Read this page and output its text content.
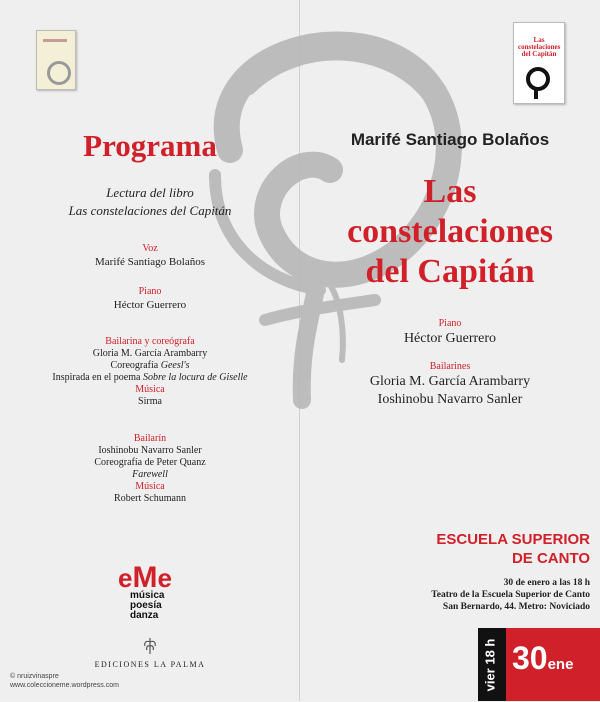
Las constelaciones del Capitán
Programa
Lectura del libro
Las constelaciones del Capitán
Voz
Marifé Santiago Bolaños
Piano
Héctor Guerrero
Bailarina y coreógrafa
Gloria M. García Arambarry
Coreografía Geesl's
Inspirada en el poema Sobre la locura de Giselle
Música
Sirma
Bailarín
Ioshinobu Navarro Sanler
Coreografía de Peter Quanz
Farewell
Música
Robert Schumann
eMe
música
poesía
danza
EDICIONES LA PALMA
© nruizvinaspre
www.coleccioneme.wordpress.com
Marifé Santiago Bolaños
Las
constelaciones
del Capitán
Piano
Héctor Guerrero
Bailarines
Gloria M. García Arambarry
Ioshinobu Navarro Sanler
ESCUELA SUPERIOR
DE CANTO
30 de enero a las 18 h
Teatro de la Escuela Superior de Canto
San Bernardo, 44. Metro: Noviciado
vier 18 h 30ene
